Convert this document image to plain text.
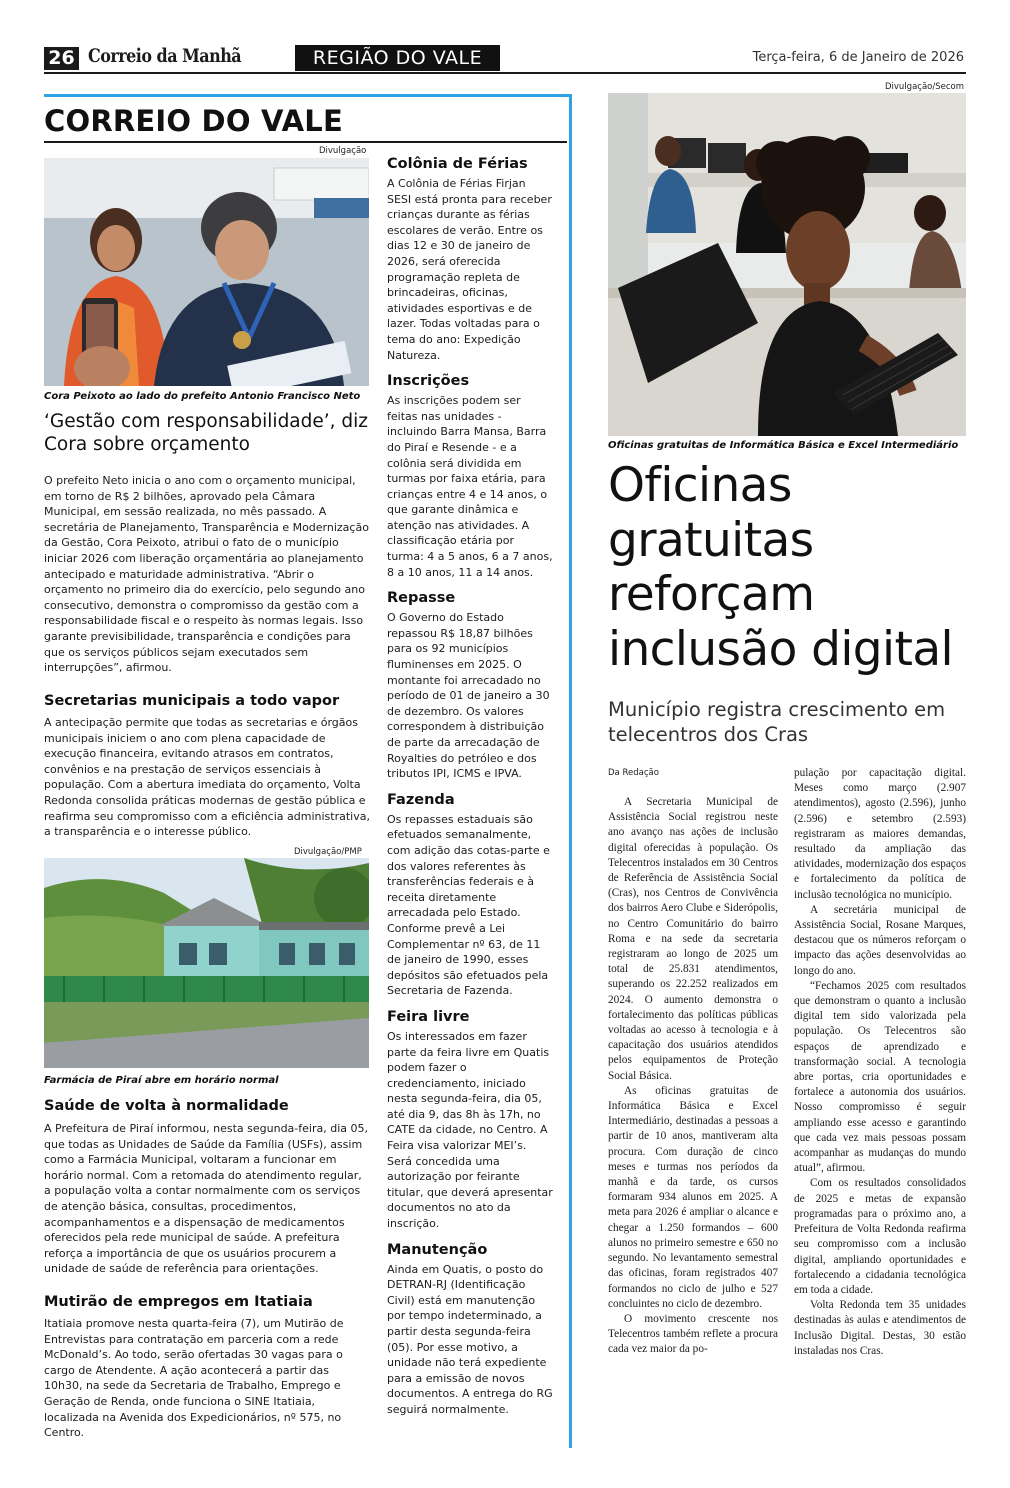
26 Correio da Manhã	REGIÃO DO VALE	Terça-feira, 6 de Janeiro de 2026
CORREIO DO VALE
Divulgação
Cora Peixoto ao lado do prefeito Antonio Francisco Neto
‘Gestão com responsabilidade’, diz Cora sobre orçamento
O prefeito Neto inicia o ano com o orçamento municipal, em torno de R$ 2 bilhões, aprovado pela Câmara Municipal, em sessão realizada, no mês passado. A secretária de Planejamento, Transparência e Modernização da Gestão, Cora Peixoto, atribui o fato de o município iniciar 2026 com liberação orçamentária ao planejamento antecipado e maturidade administrativa. “Abrir o orçamento no primeiro dia do exercício, pelo segundo ano consecutivo, demonstra o compromisso da gestão com a responsabilidade fiscal e o respeito às normas legais. Isso garante previsibilidade, transparência e condições para que os serviços públicos sejam executados sem interrupções”, afirmou.
Secretarias municipais a todo vapor
A antecipação permite que todas as secretarias e órgãos municipais iniciem o ano com plena capacidade de execução financeira, evitando atrasos em contratos, convênios e na prestação de serviços essenciais à população. Com a abertura imediata do orçamento, Volta Redonda consolida práticas modernas de gestão pública e reafirma seu compromisso com a eficiência administrativa, a transparência e o interesse público.
Divulgação/PMP
Farmácia de Piraí abre em horário normal
Saúde de volta à normalidade
A Prefeitura de Piraí informou, nesta segunda-feira, dia 05, que todas as Unidades de Saúde da Família (USFs), assim como a Farmácia Municipal, voltaram a funcionar em horário normal. Com a retomada do atendimento regular, a população volta a contar normalmente com os serviços de atenção básica, consultas, procedimentos, acompanhamentos e a dispensação de medicamentos oferecidos pela rede municipal de saúde. A prefeitura reforça a importância de que os usuários procurem a unidade de saúde de referência para orientações.
Mutirão de empregos em Itatiaia
Itatiaia promove nesta quarta-feira (7), um Mutirão de Entrevistas para contratação em parceria com a rede McDonald’s. Ao todo, serão ofertadas 30 vagas para o cargo de Atendente. A ação acontecerá a partir das 10h30, na sede da Secretaria de Trabalho, Emprego e Geração de Renda, onde funciona o SINE Itatiaia, localizada na Avenida dos Expedicionários, nº 575, no Centro.
Colônia de Férias
A Colônia de Férias Firjan SESI está pronta para receber crianças durante as férias escolares de verão. Entre os dias 12 e 30 de janeiro de 2026, será oferecida programação repleta de brincadeiras, oficinas, atividades esportivas e de lazer. Todas voltadas para o tema do ano: Expedição Natureza.
Inscrições
As inscrições podem ser feitas nas unidades - incluindo Barra Mansa, Barra do Piraí e Resende - e a colônia será dividida em turmas por faixa etária, para crianças entre 4 e 14 anos, o que garante dinâmica e atenção nas atividades. A classificação etária por turma: 4 a 5 anos, 6 a 7 anos, 8 a 10 anos, 11 a 14 anos.
Repasse
O Governo do Estado repassou R$ 18,87 bilhões para os 92 municípios fluminenses em 2025. O montante foi arrecadado no período de 01 de janeiro a 30 de dezembro. Os valores correspondem à distribuição de parte da arrecadação de Royalties do petróleo e dos tributos IPI, ICMS e IPVA.
Fazenda
Os repasses estaduais são efetuados semanalmente, com adição das cotas-parte e dos valores referentes às transferências federais e à receita diretamente arrecadada pelo Estado. Conforme prevê a Lei Complementar nº 63, de 11 de janeiro de 1990, esses depósitos são efetuados pela Secretaria de Fazenda.
Feira livre
Os interessados em fazer parte da feira livre em Quatis podem fazer o credenciamento, iniciado nesta segunda-feira, dia 05, até dia 9, das 8h às 17h, no CATE da cidade, no Centro. A Feira visa valorizar MEI’s. Será concedida uma autorização por feirante titular, que deverá apresentar documentos no ato da inscrição.
Manutenção
Ainda em Quatis, o posto do DETRAN-RJ (Identificação Civil) está em manutenção por tempo indeterminado, a partir desta segunda-feira (05). Por esse motivo, a unidade não terá expediente para a emissão de novos documentos. A entrega do RG seguirá normalmente.
Divulgação/Secom
Oficinas gratuitas de Informática Básica e Excel Intermediário
Oficinas gratuitas reforçam inclusão digital
Município registra crescimento em telecentros dos Cras
Da Redação

A Secretaria Municipal de Assistência Social registrou neste ano avanço nas ações de inclusão digital oferecidas à população. Os Telecentros instalados em 30 Centros de Referência de Assistência Social (Cras), nos Centros de Convivência dos bairros Aero Clube e Siderópolis, no Centro Comunitário do bairro Roma e na sede da secretaria registraram ao longo de 2025 um total de 25.831 atendimentos, superando os 22.252 realizados em 2024. O aumento demonstra o fortalecimento das políticas públicas voltadas ao acesso à tecnologia e à capacitação dos usuários atendidos pelos equipamentos de Proteção Social Básica.

As oficinas gratuitas de Informática Básica e Excel Intermediário, destinadas a pessoas a partir de 10 anos, mantiveram alta procura. Com duração de cinco meses e turmas nos períodos da manhã e da tarde, os cursos formaram 934 alunos em 2025. A meta para 2026 é ampliar o alcance e chegar a 1.250 formandos – 600 alunos no primeiro semestre e 650 no segundo. No levantamento semestral das oficinas, foram registrados 407 formandos no ciclo de julho e 527 concluintes no ciclo de dezembro.

O movimento crescente nos Telecentros também reflete a procura cada vez maior da po-

pulação por capacitação digital. Meses como março (2.907 atendimentos), agosto (2.596), junho (2.596) e setembro (2.593) registraram as maiores demandas, resultado da ampliação das atividades, modernização dos espaços e fortalecimento da política de inclusão tecnológica no município.

A secretária municipal de Assistência Social, Rosane Marques, destacou que os números reforçam o impacto das ações desenvolvidas ao longo do ano.

“Fechamos 2025 com resultados que demonstram o quanto a inclusão digital tem sido valorizada pela população. Os Telecentros são espaços de aprendizado e transformação social. A tecnologia abre portas, cria oportunidades e fortalece a autonomia dos usuários. Nosso compromisso é seguir ampliando esse acesso e garantindo que cada vez mais pessoas possam acompanhar as mudanças do mundo atual”, afirmou.

Com os resultados consolidados de 2025 e metas de expansão programadas para o próximo ano, a Prefeitura de Volta Redonda reafirma seu compromisso com a inclusão digital, ampliando oportunidades e fortalecendo a cidadania tecnológica em toda a cidade.

Volta Redonda tem 35 unidades destinadas às aulas e atendimentos de Inclusão Digital. Destas, 30 estão instaladas nos Cras.
